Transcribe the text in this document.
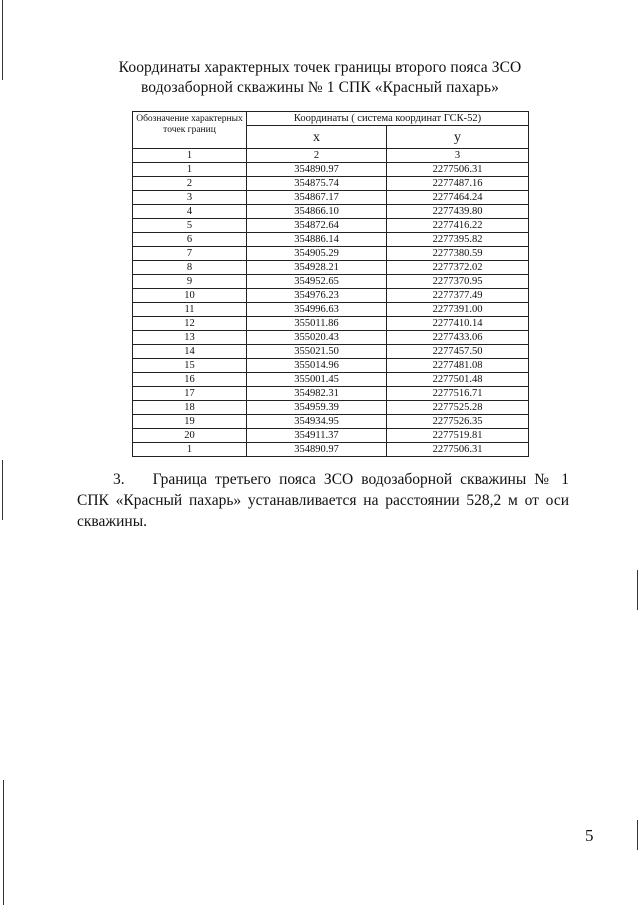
Координаты характерных точек границы второго пояса ЗСО
водозаборной скважины № 1 СПК «Красный пахарь»
Обозначение характерных точек границ	Координаты ( система координат ГСК-52)	
	x	у
1	2	3
1	354890.97	2277506.31
2	354875.74	2277487.16
3	354867.17	2277464.24
4	354866.10	2277439.80
5	354872.64	2277416.22
6	354886.14	2277395.82
7	354905.29	2277380.59
8	354928.21	2277372.02
9	354952.65	2277370.95
10	354976.23	2277377.49
11	354996.63	2277391.00
12	355011.86	2277410.14
13	355020.43	2277433.06
14	355021.50	2277457.50
15	355014.96	2277481.08
16	355001.45	2277501.48
17	354982.31	2277516.71
18	354959.39	2277525.28
19	354934.95	2277526.35
20	354911.37	2277519.81
1	354890.97	2277506.31
3. Граница третьего пояса ЗСО водозаборной скважины № 1 СПК «Красный пахарь» устанавливается на расстоянии 528,2 м от оси скважины.
5
